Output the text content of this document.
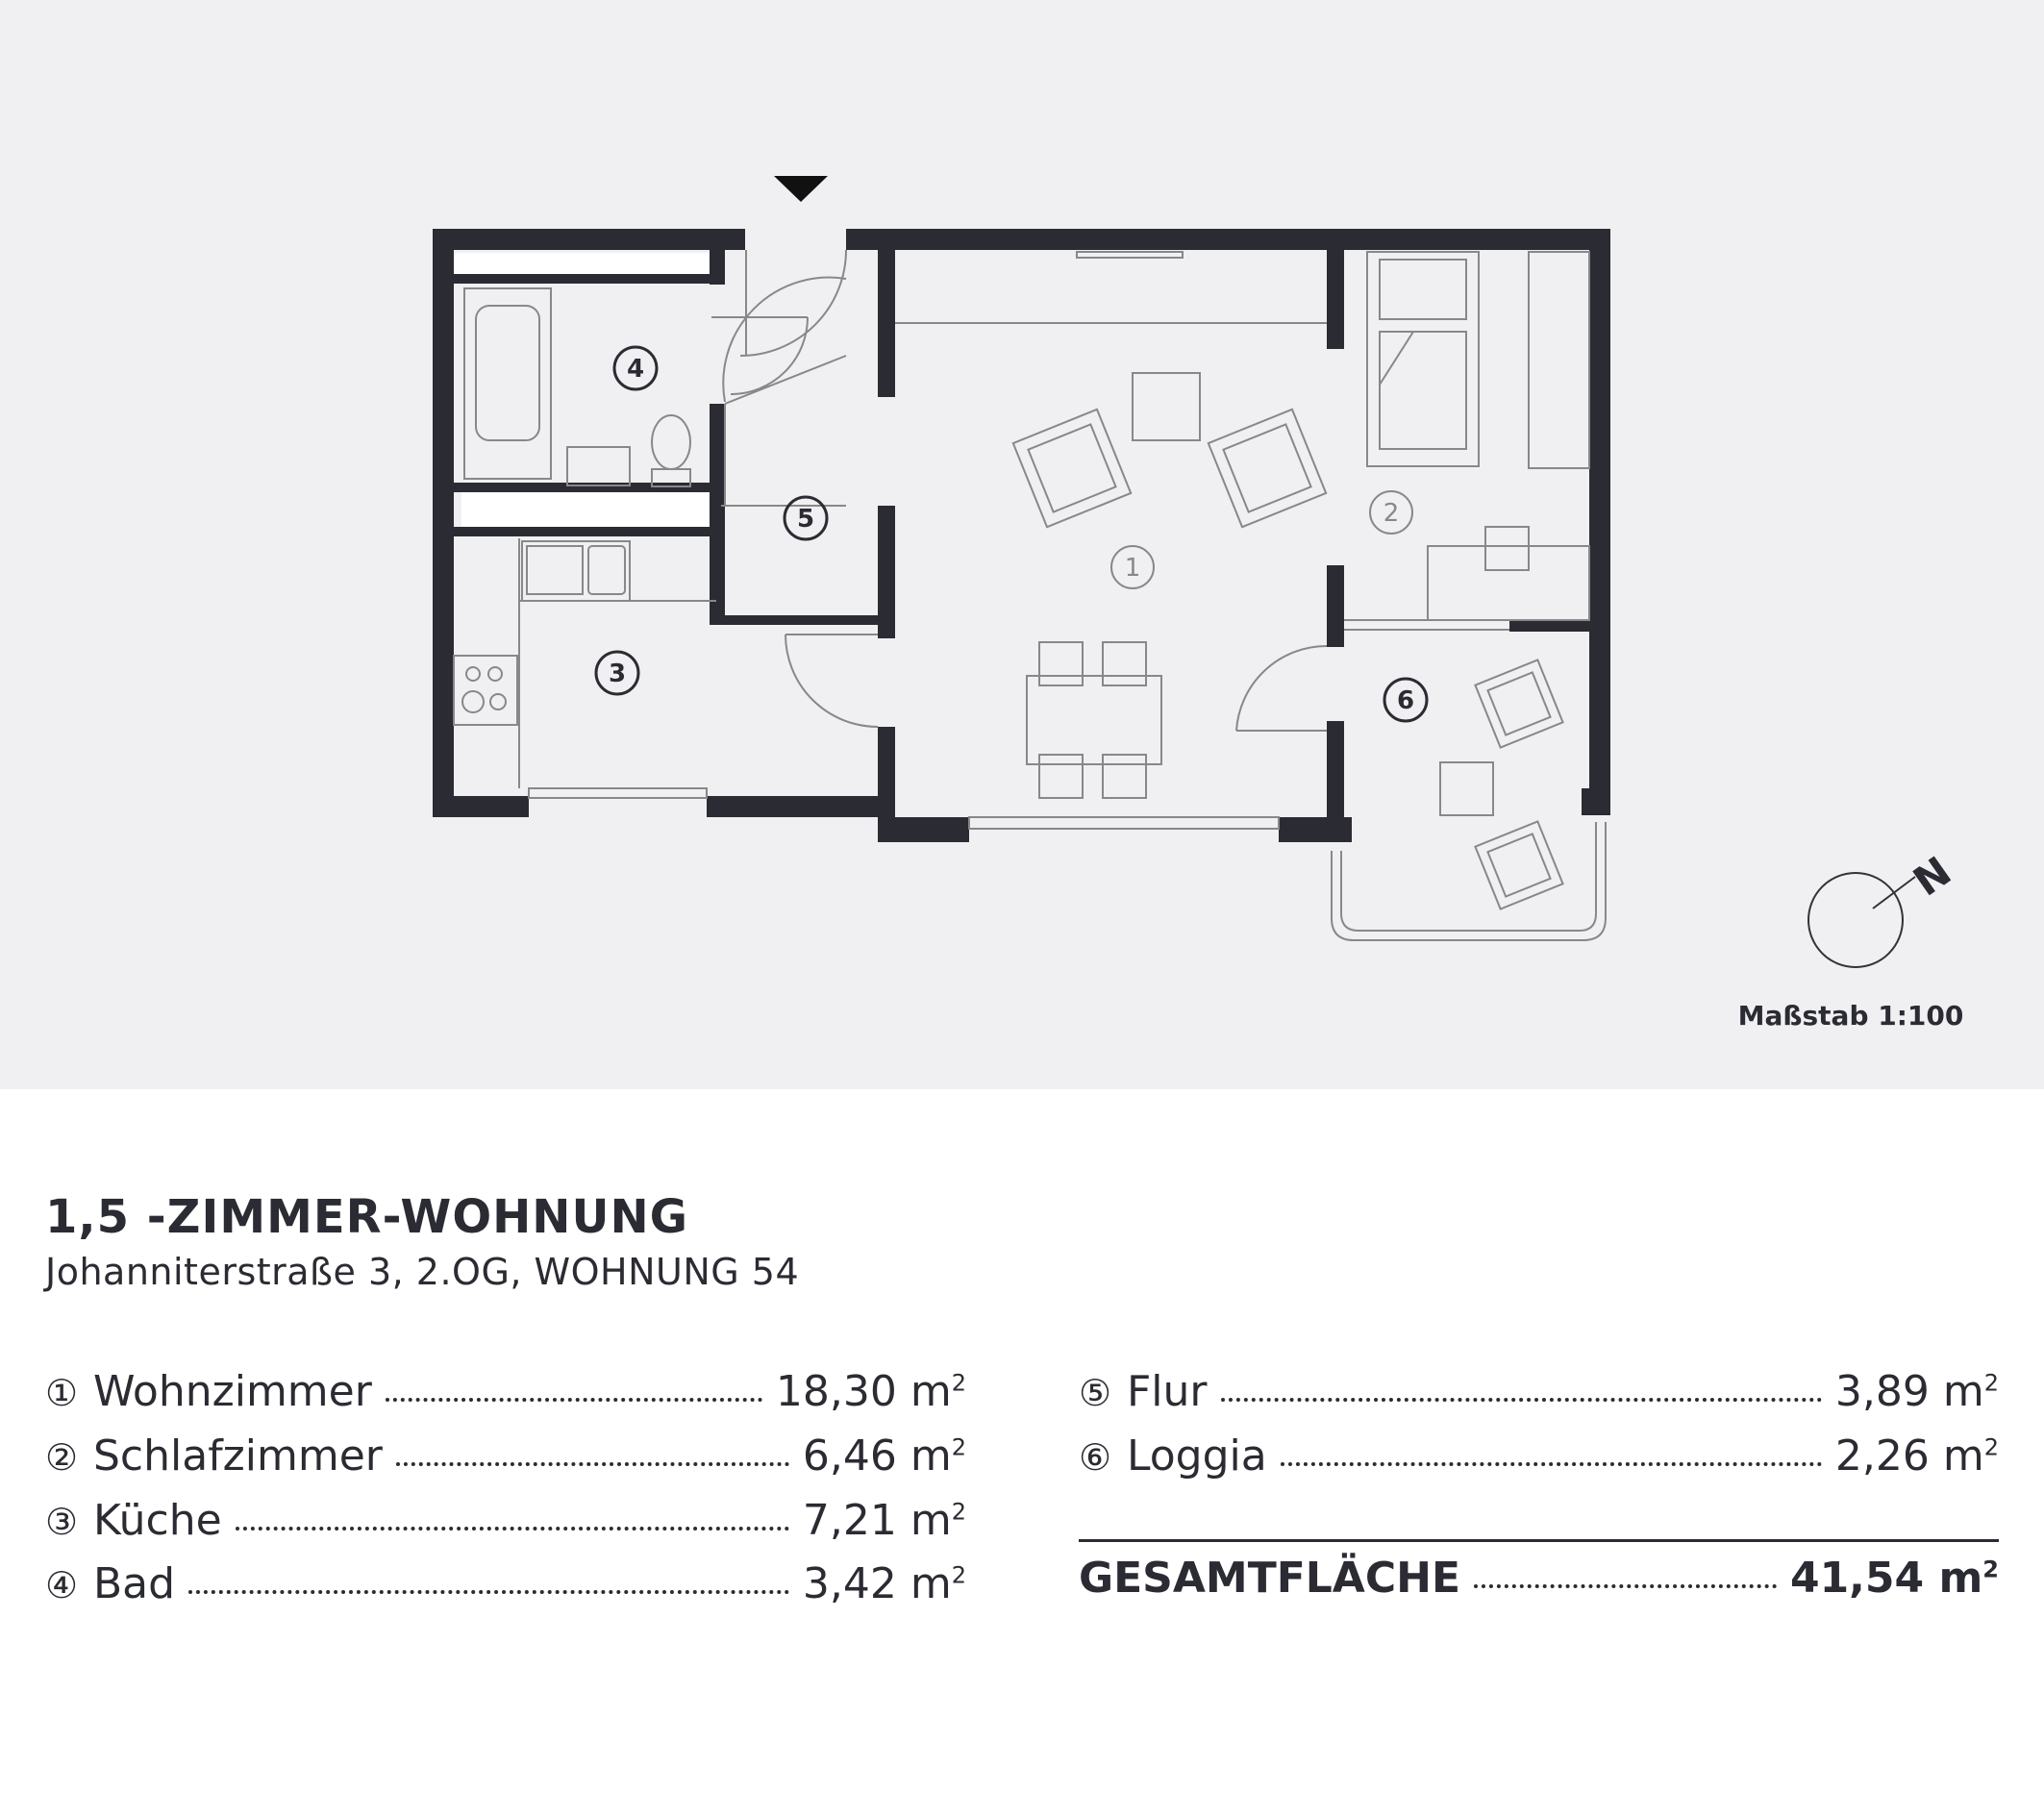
1
2
3
4
5
6
N
Maßstab 1:100
1,5 -ZIMMER-WOHNUNG
Johanniterstraße 3, 2.OG, WOHNUNG 54
① Wohnzimmer	18,30 $m^2$
② Schlafzimmer	6,46 $m^2$
③ Küche	7,21 $m^2$
④ Bad	3,42 $m^2$
⑤ Flur	3,89 $m^2$
⑥ Loggia	2,26 $m^2$
GESAMTFLÄCHE	41,54 $m^2$
